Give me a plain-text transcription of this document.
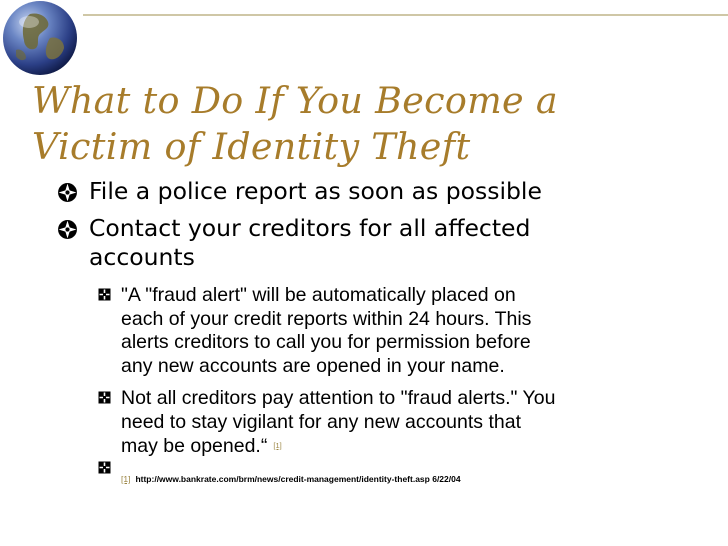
What to Do If You Become a
Victim of Identity Theft
File a police report as soon as possible
Contact your creditors for all affected
accounts
"A "fraud alert" will be automatically placed on
each of your credit reports within 24 hours. This
alerts creditors to call you for permission before
any new accounts are opened in your name.
Not all creditors pay attention to "fraud alerts." You
need to stay vigilant for any new accounts that
may be opened.“ [1]
[1] http://www.bankrate.com/brm/news/credit-management/identity-theft.asp 6/22/04
